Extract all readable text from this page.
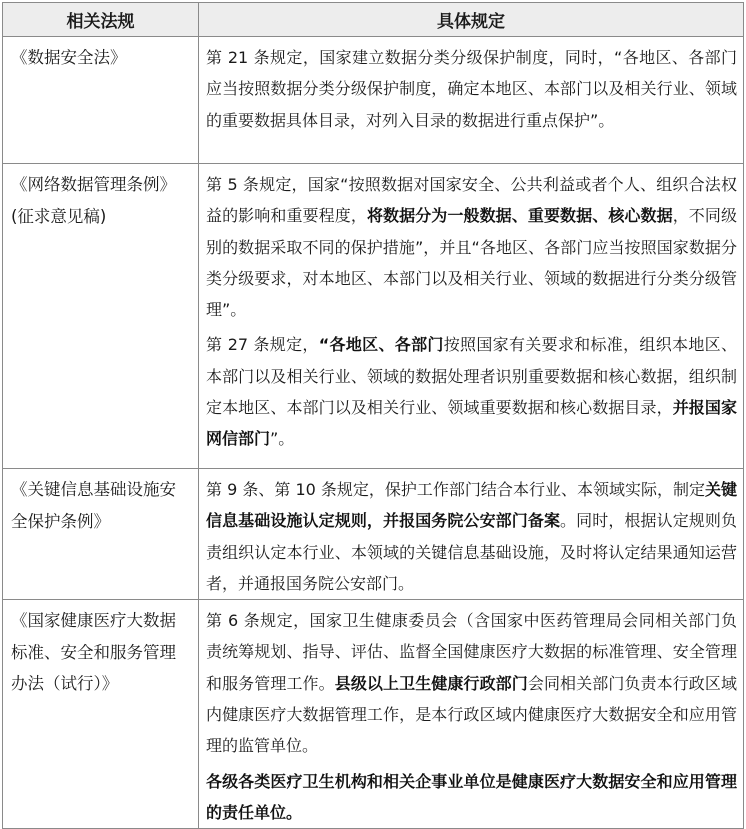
相关法规	具体规定
《数据安全法》	第 21 条规定，国家建立数据分类分级保护制度，同时，“各地区、各部门应当按照数据分类分级保护制度，确定本地区、本部门以及相关行业、领域的重要数据具体目录，对列入目录的数据进行重点保护”。

《网络数据管理条例》(征求意见稿)	第 5 条规定，国家“按照数据对国家安全、公共利益或者个人、组织合法权益的影响和重要程度，将数据分为一般数据、重要数据、核心数据，不同级别的数据采取不同的保护措施”，并且“各地区、各部门应当按照国家数据分类分级要求，对本地区、本部门以及相关行业、领域的数据进行分类分级管理”。

第 27 条规定，“各地区、各部门按照国家有关要求和标准，组织本地区、本部门以及相关行业、领域的数据处理者识别重要数据和核心数据，组织制定本地区、本部门以及相关行业、领域重要数据和核心数据目录，并报国家网信部门”。

《关键信息基础设施安全保护条例》	第 9 条、第 10 条规定，保护工作部门结合本行业、本领域实际，制定关键信息基础设施认定规则，并报国务院公安部门备案。同时，根据认定规则负责组织认定本行业、本领域的关键信息基础设施，及时将认定结果通知运营者，并通报国务院公安部门。

《国家健康医疗大数据标准、安全和服务管理办法（试行）》	第 6 条规定，国家卫生健康委员会（含国家中医药管理局会同相关部门负责统筹规划、指导、评估、监督全国健康医疗大数据的标准管理、安全管理和服务管理工作。县级以上卫生健康行政部门会同相关部门负责本行政区域内健康医疗大数据管理工作，是本行政区域内健康医疗大数据安全和应用管理的监管单位。

各级各类医疗卫生机构和相关企事业单位是健康医疗大数据安全和应用管理的责任单位。
